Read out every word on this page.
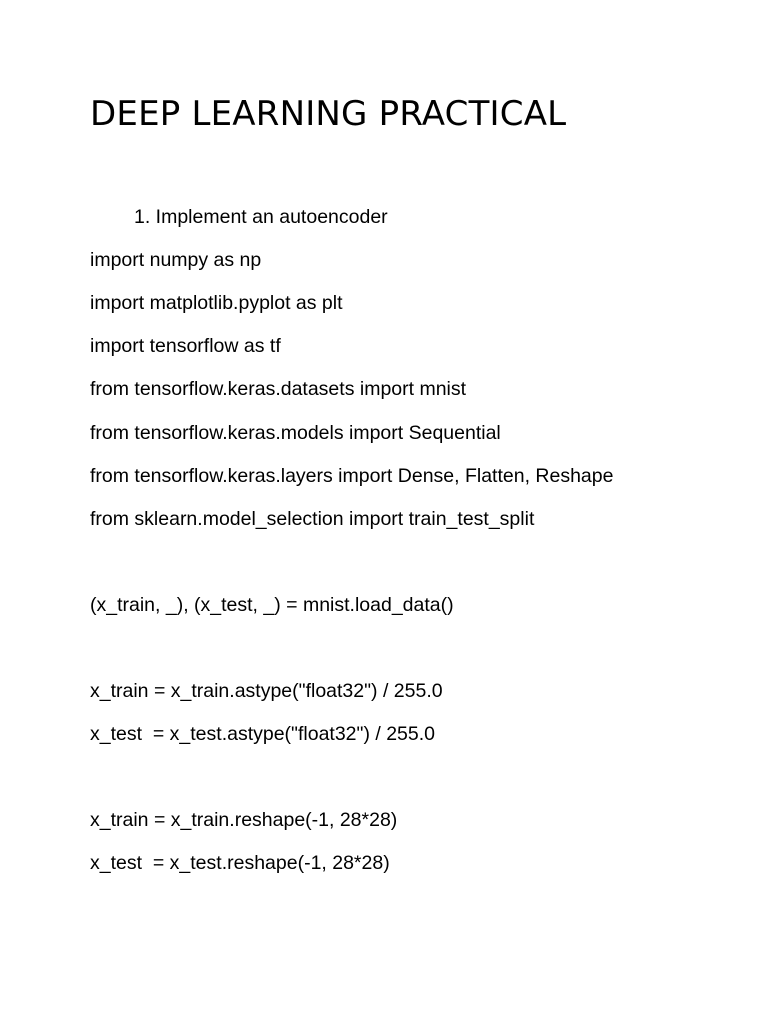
DEEP LEARNING PRACTICAL
1. Implement an autoencoder
import numpy as np
import matplotlib.pyplot as plt
import tensorflow as tf
from tensorflow.keras.datasets import mnist
from tensorflow.keras.models import Sequential
from tensorflow.keras.layers import Dense, Flatten, Reshape
from sklearn.model_selection import train_test_split
(x_train, _), (x_test, _) = mnist.load_data()
x_train = x_train.astype("float32") / 255.0
x_test  = x_test.astype("float32") / 255.0
x_train = x_train.reshape(-1, 28*28)
x_test  = x_test.reshape(-1, 28*28)
